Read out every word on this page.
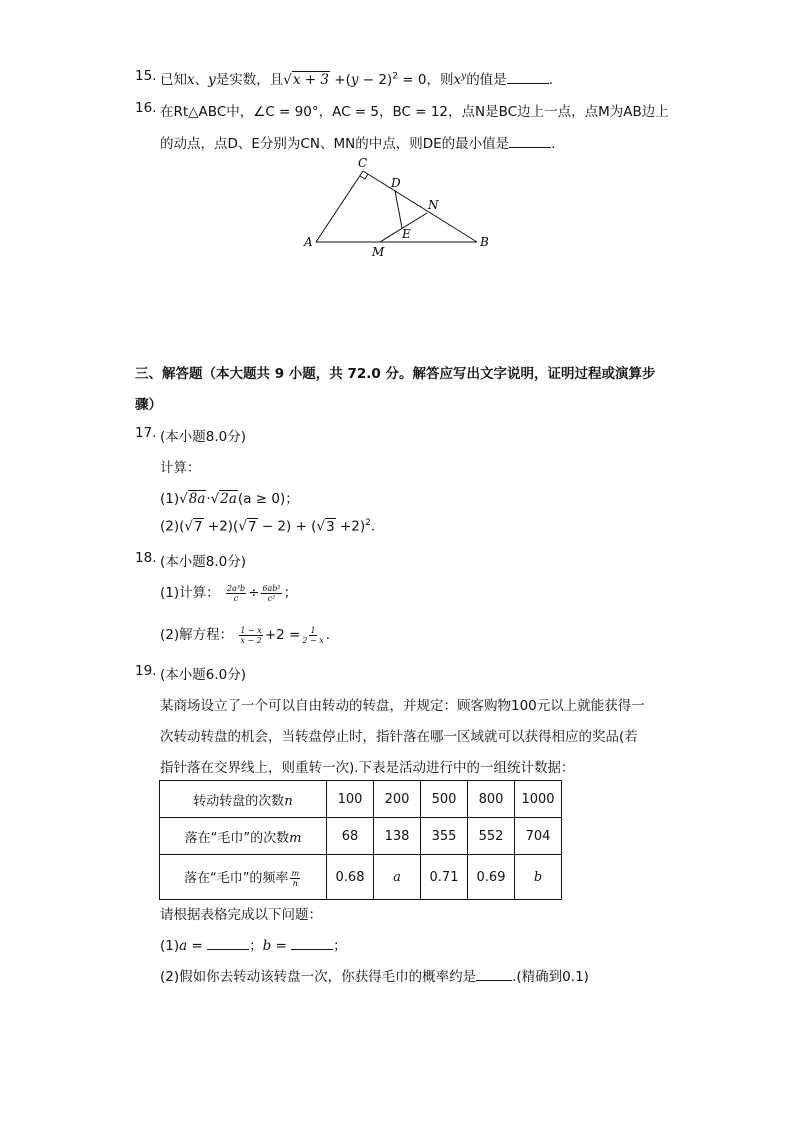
15. 已知x、y是实数，且$√x + 3 +(y - 2)^2 = 0$，则$x^y$的值是	.
16. 在Rt△ABC中，∠C = 90°，AC = 5，BC = 12，点N是BC边上一点，点M为AB边上
的动点，点D、E分别为CN、MN的中点，则DE的最小值是	.
C
D
N
E
A
M
B
三、解答题（本大题共 9 小题，共 72.0 分。解答应写出文字说明，证明过程或演算步
骤）
17. (本小题8.0分)
计算：
(1)√8a·√2a(a ≥ 0)；
$(2)(√7 +2)(√7 - 2) + (√3 +2)^2$.
18. (本小题8.0分)
(1)计算： $\frac{\text{2a³b}}{c} \div \frac{\text{6ab²}}{\text{c²}}$ ；
(2)解方程： $\frac{1 - x}{x - 2} +2 = \frac{1}{2 - x}$ .
19. (本小题6.0分)
某商场设立了一个可以自由转动的转盘，并规定：顾客购物100元以上就能获得一
次转动转盘的机会，当转盘停止时，指针落在哪一区域就可以获得相应的奖品(若
指针落在交界线上，则重转一次).下表是活动进行中的一组统计数据：
转动转盘的次数n	100	200	500	800	1000
落在“毛巾”的次数m	68	138	355	552	704
落在“毛巾”的频率 $\frac{m}{n}$	0.68	a	0.71	0.69	b
请根据表格完成以下问题：
(1)a =	；b =	；
(2)假如你去转动该转盘一次，你获得毛巾的概率约是	.(精确到0.1)
